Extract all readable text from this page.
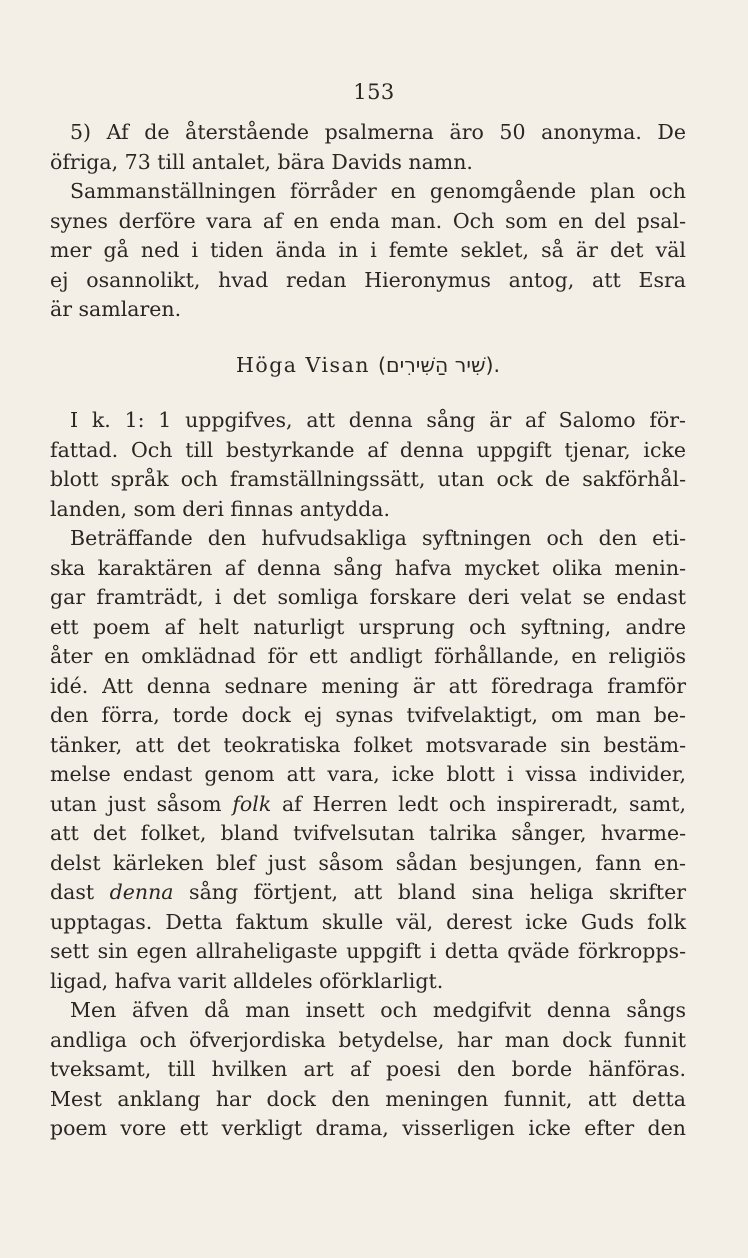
153
5) Af de återstående psalmerna äro 50 anonyma. De
öfriga, 73 till antalet, bära Davids namn.
Sammanställningen förråder en genomgående plan och
synes derföre vara af en enda man. Och som en del psal-
mer gå ned i tiden ända in i femte seklet, så är det väl
ej osannolikt, hvad redan Hieronymus antog, att Esra
är samlaren.
Höga Visan (שִׁיר הַשִּׁירִים).
I k. 1: 1 uppgifves, att denna sång är af Salomo för-
fattad. Och till bestyrkande af denna uppgift tjenar, icke
blott språk och framställningssätt, utan ock de sakförhål-
landen, som deri finnas antydda.
Beträffande den hufvudsakliga syftningen och den eti-
ska karaktären af denna sång hafva mycket olika menin-
gar framträdt, i det somliga forskare deri velat se endast
ett poem af helt naturligt ursprung och syftning, andre
åter en omklädnad för ett andligt förhållande, en religiös
idé. Att denna sednare mening är att föredraga framför
den förra, torde dock ej synas tvifvelaktigt, om man be-
tänker, att det teokratiska folket motsvarade sin bestäm-
melse endast genom att vara, icke blott i vissa individer,
utan just såsom folk af Herren ledt och inspireradt, samt,
att det folket, bland tvifvelsutan talrika sånger, hvarme-
delst kärleken blef just såsom sådan besjungen, fann en-
dast denna sång förtjent, att bland sina heliga skrifter
upptagas. Detta faktum skulle väl, derest icke Guds folk
sett sin egen allraheligaste uppgift i detta qväde förkropps-
ligad, hafva varit alldeles oförklarligt.
Men äfven då man insett och medgifvit denna sångs
andliga och öfverjordiska betydelse, har man dock funnit
tveksamt, till hvilken art af poesi den borde hänföras.
Mest anklang har dock den meningen funnit, att detta
poem vore ett verkligt drama, visserligen icke efter den
